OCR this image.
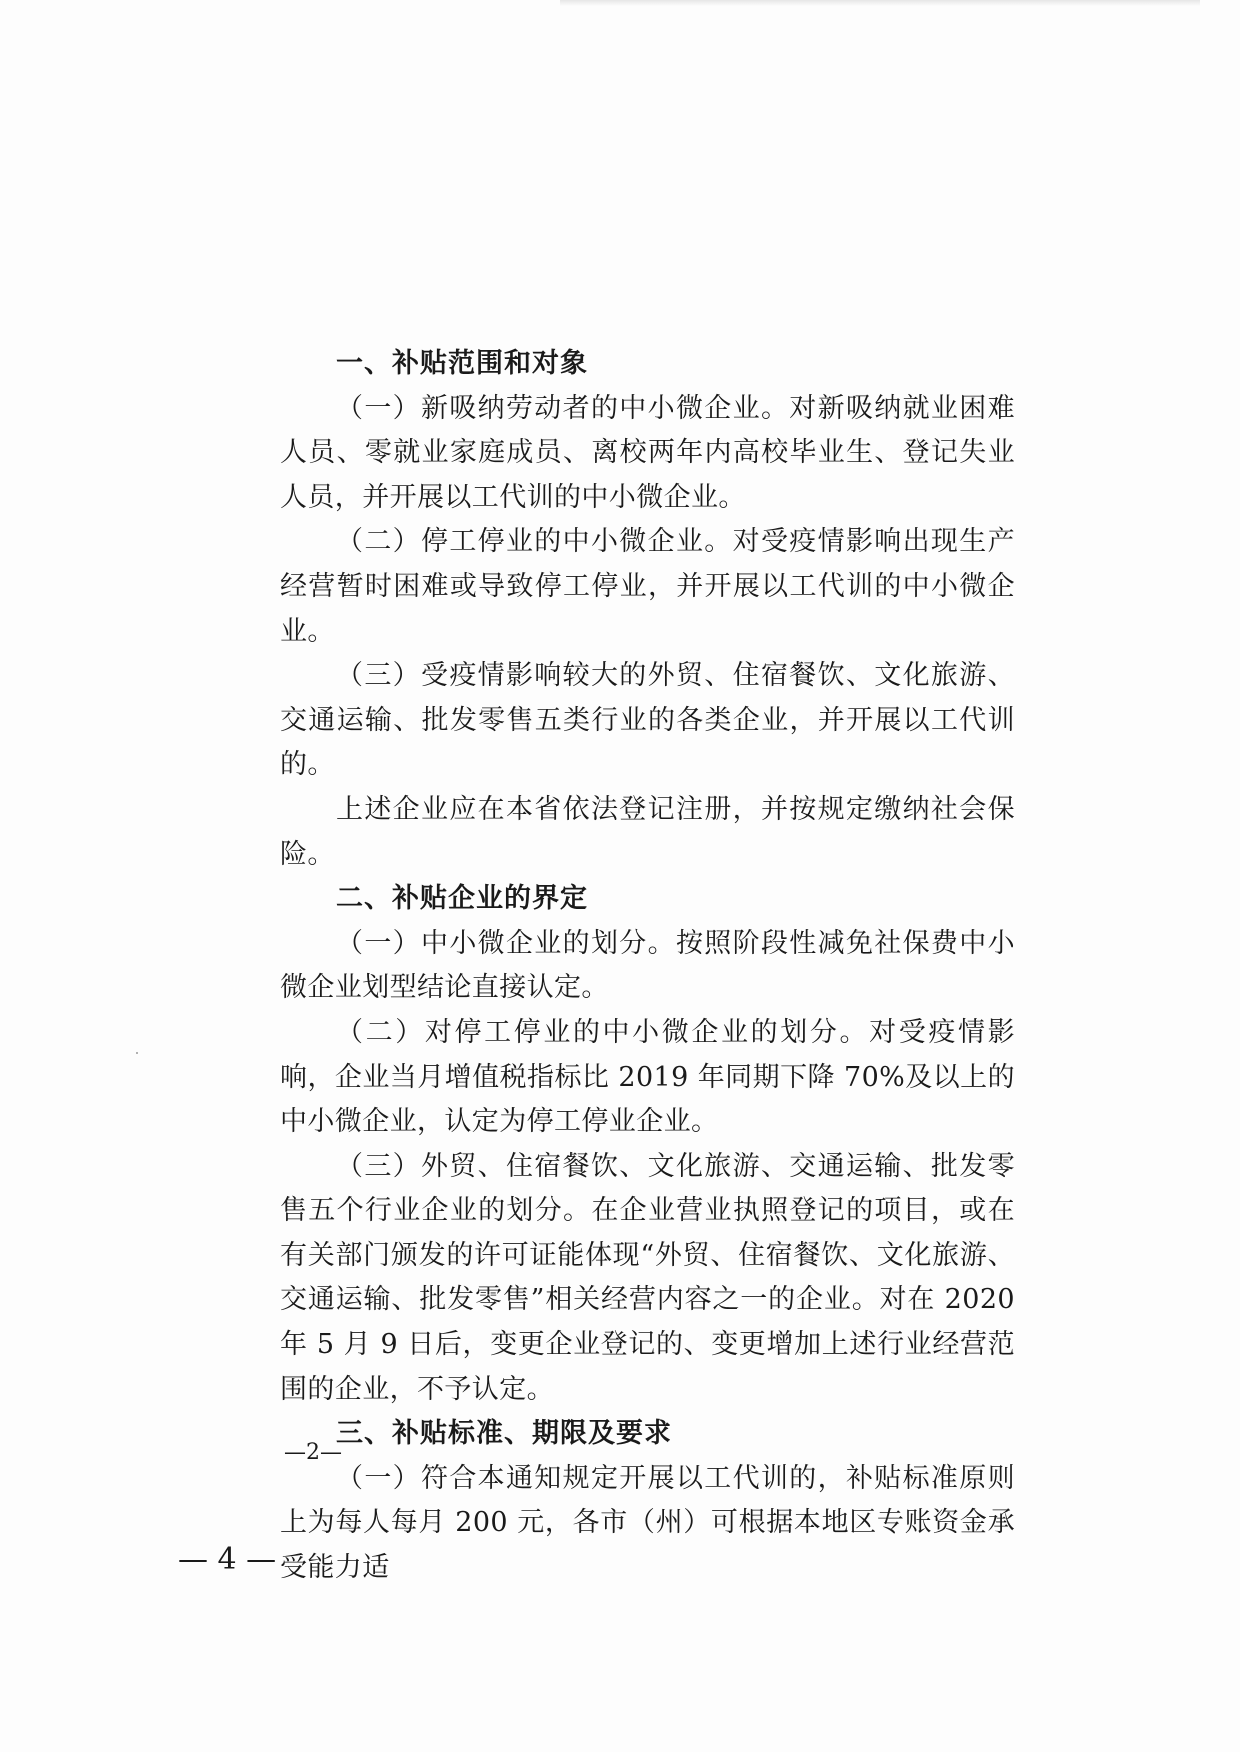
一、补贴范围和对象

（一）新吸纳劳动者的中小微企业。对新吸纳就业困难人员、零就业家庭成员、离校两年内高校毕业生、登记失业人员，并开展以工代训的中小微企业。

（二）停工停业的中小微企业。对受疫情影响出现生产经营暂时困难或导致停工停业，并开展以工代训的中小微企业。

（三）受疫情影响较大的外贸、住宿餐饮、文化旅游、交通运输、批发零售五类行业的各类企业，并开展以工代训的。

上述企业应在本省依法登记注册，并按规定缴纳社会保险。

二、补贴企业的界定

（一）中小微企业的划分。按照阶段性减免社保费中小微企业划型结论直接认定。

（二）对停工停业的中小微企业的划分。对受疫情影响，企业当月增值税指标比 2019 年同期下降 70%及以上的中小微企业，认定为停工停业企业。

（三）外贸、住宿餐饮、文化旅游、交通运输、批发零售五个行业企业的划分。在企业营业执照登记的项目，或在有关部门颁发的许可证能体现“外贸、住宿餐饮、文化旅游、交通运输、批发零售”相关经营内容之一的企业。对在 2020 年 5 月 9 日后，变更企业登记的、变更增加上述行业经营范围的企业，不予认定。

三、补贴标准、期限及要求

（一）符合本通知规定开展以工代训的，补贴标准原则上为每人每月 200 元，各市（州）可根据本地区专账资金承受能力适

—2—
— 4 —
